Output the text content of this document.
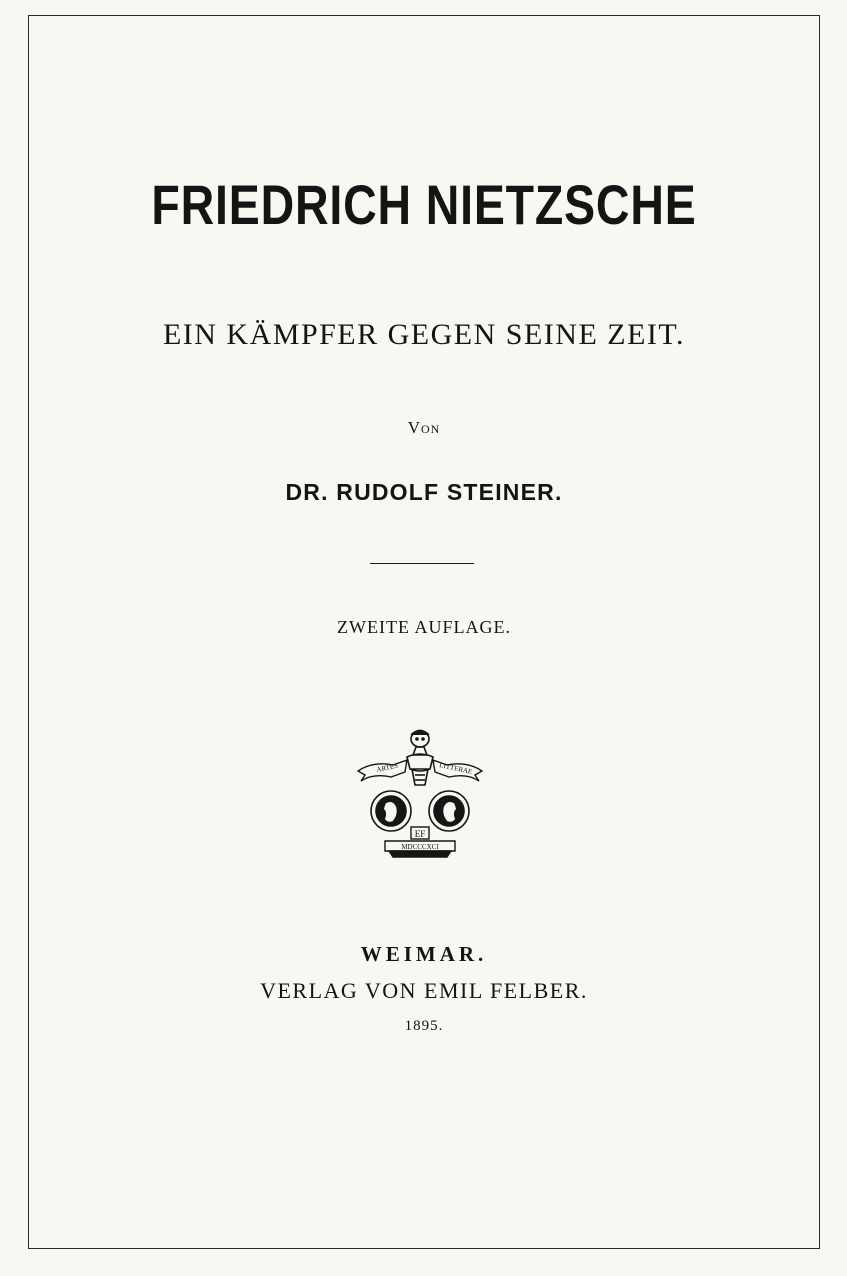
FRIEDRICH NIETZSCHE
EIN KÄMPFER GEGEN SEINE ZEIT.
Von
DR. RUDOLF STEINER.
ZWEITE AUFLAGE.
ARTES	LITTERAE
EF
MDCCCXCI
WEIMAR.
VERLAG VON EMIL FELBER.
1895.
